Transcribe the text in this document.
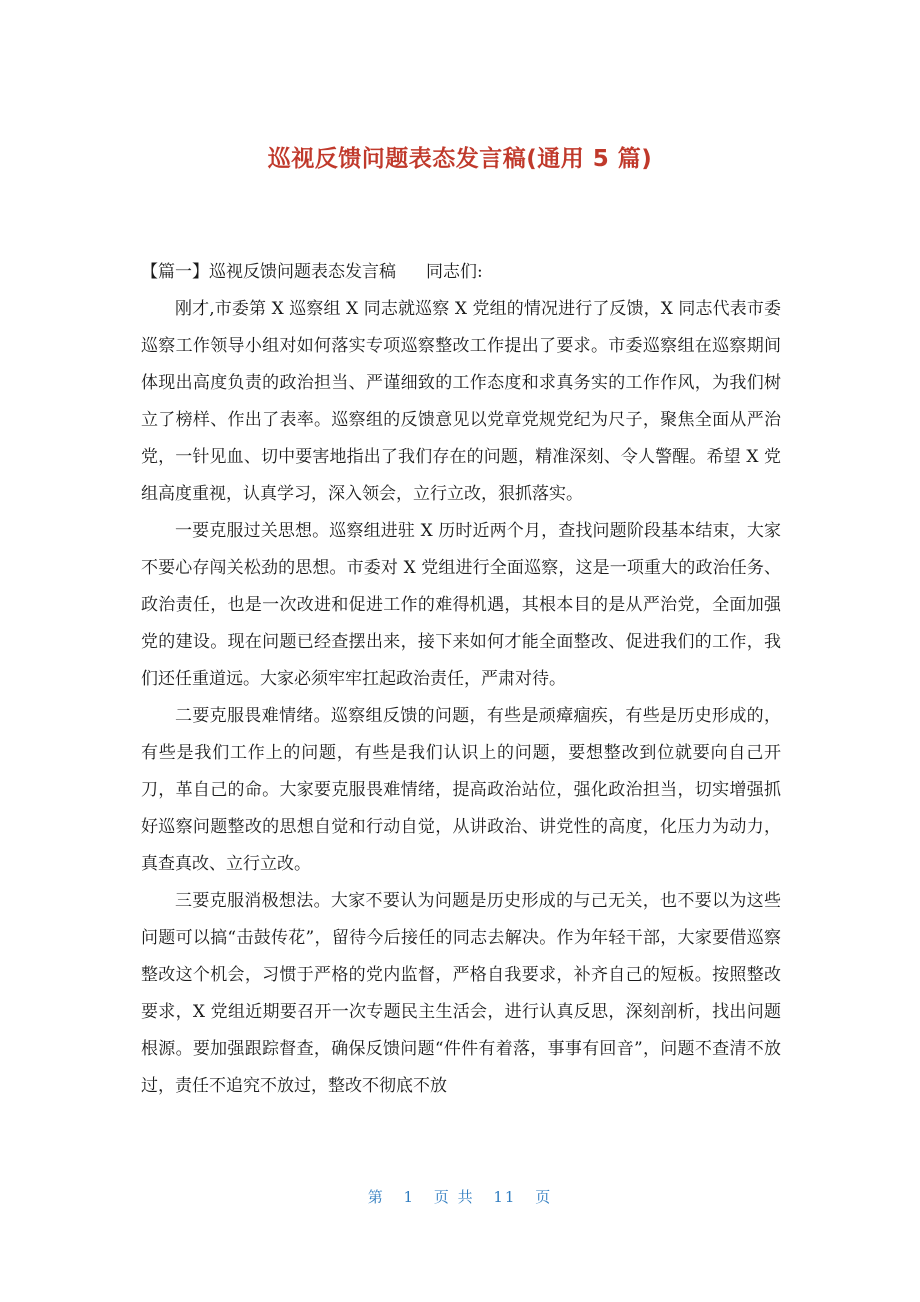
巡视反馈问题表态发言稿(通用 5 篇)

【篇一】巡视反馈问题表态发言稿 同志们:

刚才,市委第 X 巡察组 X 同志就巡察 X 党组的情况进行了反馈，X 同志代表市委巡察工作领导小组对如何落实专项巡察整改工作提出了要求。市委巡察组在巡察期间体现出高度负责的政治担当、严谨细致的工作态度和求真务实的工作作风，为我们树立了榜样、作出了表率。巡察组的反馈意见以党章党规党纪为尺子，聚焦全面从严治党，一针见血、切中要害地指出了我们存在的问题，精准深刻、令人警醒。希望 X 党组高度重视，认真学习，深入领会，立行立改，狠抓落实。

一要克服过关思想。巡察组进驻 X 历时近两个月，查找问题阶段基本结束，大家不要心存闯关松劲的思想。市委对 X 党组进行全面巡察，这是一项重大的政治任务、政治责任，也是一次改进和促进工作的难得机遇，其根本目的是从严治党，全面加强党的建设。现在问题已经查摆出来，接下来如何才能全面整改、促进我们的工作，我们还任重道远。大家必须牢牢扛起政治责任，严肃对待。

二要克服畏难情绪。巡察组反馈的问题，有些是顽瘴痼疾，有些是历史形成的，有些是我们工作上的问题，有些是我们认识上的问题，要想整改到位就要向自己开刀，革自己的命。大家要克服畏难情绪，提高政治站位，强化政治担当，切实增强抓好巡察问题整改的思想自觉和行动自觉，从讲政治、讲党性的高度，化压力为动力，真查真改、立行立改。

三要克服消极想法。大家不要认为问题是历史形成的与己无关，也不要以为这些问题可以搞“击鼓传花”，留待今后接任的同志去解决。作为年轻干部，大家要借巡察整改这个机会，习惯于严格的党内监督，严格自我要求，补齐自己的短板。按照整改要求，X 党组近期要召开一次专题民主生活会，进行认真反思，深刻剖析，找出问题根源。要加强跟踪督查，确保反馈问题“件件有着落，事事有回音”，问题不查清不放过，责任不追究不放过，整改不彻底不放

第 1 页 共 11 页
